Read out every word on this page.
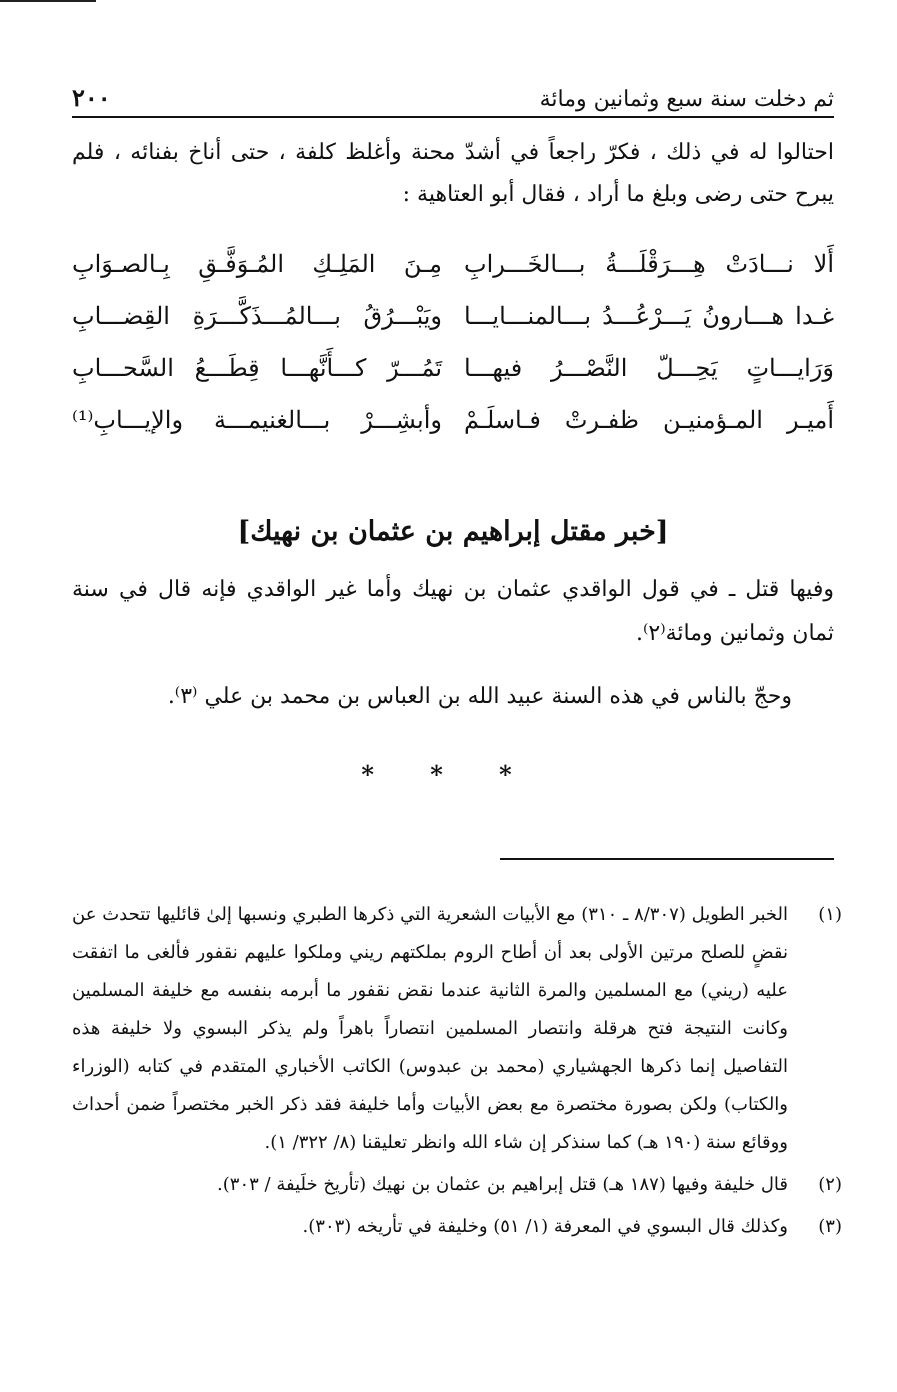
ثم دخلت سنة سبع وثمانين ومائة
٢٠٠
احتالوا له في ذلك ، فكرّ راجعاً في أشدّ محنة وأغلظ كلفة ، حتى أناخ بفنائه ، فلم يبرح حتى رضى وبلغ ما أراد ، فقال أبو العتاهية :
أَلا نـــادَتْ هِـــرَقْلَـــةُ بـــالخَـــرابِ
مِـنَ المَلِـكِ المُـوَفَّـقِ بِـالصـوَابِ
غـدا هـــارونُ يَـــرْعُـــدُ بـــالمنـــايـــا
ويَبْـــرُقُ بـــالمُـــذَكَّـــرَةِ القِضـــابِ
وَرَايـــاتٍ يَحِـــلّ النَّصْـــرُ فيهـــا
تَمُـــرّ كـــأَنَّهـــا قِطَـــعُ السَّحـــابِ
أَميـر المـؤمنيـن ظفـرتْ فـاسلَـمْ
وأبشِـــرْ بـــالغنيمـــة والإيـــابِ⁽¹⁾
[خبر مقتل إبراهيم بن عثمان بن نهيك]
وفيها قتل ـ في قول الواقدي عثمان بن نهيك وأما غير الواقدي فإنه قال في سنة ثمان وثمانين ومائة⁽٢⁾.
وحجّ بالناس في هذه السنة عبيد الله بن العباس بن محمد بن علي ⁽٣⁾.
* * *
(١)
الخبر الطويل (٨/٣٠٧ ـ ٣١٠) مع الأبيات الشعرية التي ذكرها الطبري ونسبها إلىٰ قائليها تتحدث عن نقضٍ للصلح مرتين الأولى بعد أن أطاح الروم بملكتهم ريني وملكوا عليهم نقفور فألغى ما اتفقت عليه (ريني) مع المسلمين والمرة الثانية عندما نقض نقفور ما أبرمه بنفسه مع خليفة المسلمين وكانت النتيجة فتح هرقلة وانتصار المسلمين انتصاراً باهراً ولم يذكر البسوي ولا خليفة هذه التفاصيل إنما ذكرها الجهشياري (محمد بن عبدوس) الكاتب الأخباري المتقدم في كتابه (الوزراء والكتاب) ولكن بصورة مختصرة مع بعض الأبيات وأما خليفة فقد ذكر الخبر مختصراً ضمن أحداث ووقائع سنة (١٩٠ هـ) كما سنذكر إن شاء الله وانظر تعليقنا (٨/ ٣٢٢/ ١).
(٢)
قال خليفة وفيها (١٨٧ هـ) قتل إبراهيم بن عثمان بن نهيك (تأريخ خلَيفة / ٣٠٣).
(٣)
وكذلك قال البسوي في المعرفة (١/ ٥١) وخليفة في تأريخه (٣٠٣).
